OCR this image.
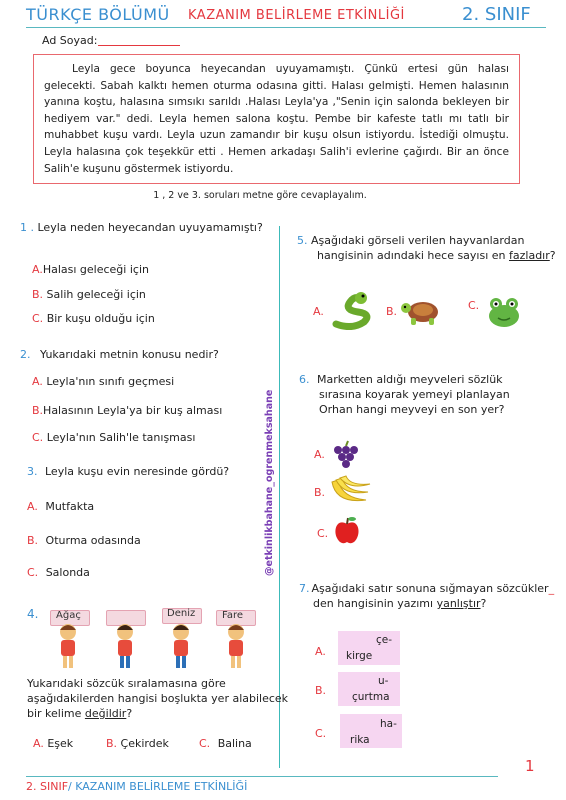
TÜRKÇE BÖLÜMÜ KAZANIM BELİRLEME ETKİNLİĞİ	2. SINIF
Ad Soyad:
Leyla gece boyunca heyecandan uyuyamamıştı. Çünkü ertesi gün halası gelecekti. Sabah kalktı hemen oturma odasına gitti. Halası gelmişti. Hemen halasının yanına koştu, halasına sımsıkı sarıldı .Halası Leyla'ya ,"Senin için salonda bekleyen bir hediyem var." dedi. Leyla hemen salona koştu. Pembe bir kafeste tatlı mı tatlı bir muhabbet kuşu vardı. Leyla uzun zamandır bir kuşu olsun istiyordu. İstediği olmuştu. Leyla halasına çok teşekkür etti . Hemen arkadaşı Salih'i evlerine çağırdı. Bir an önce Salih'e kuşunu göstermek istiyordu.
1 , 2 ve 3. soruları metne göre cevaplayalım.
@etkinlikbahane_ogrenmeksahane
1 . Leyla neden heyecandan uyuyamamıştı?
A.Halası geleceği için
B. Salih geleceği için
C. Bir kuşu olduğu için
2. Yukarıdaki metnin konusu nedir?
A. Leyla'nın sınıfı geçmesi
B.Halasının Leyla'ya bir kuş alması
C. Leyla'nın Salih'le tanışması
3. Leyla kuşu evin neresinde gördü?
A. Mutfakta
B. Oturma odasında
C. Salonda
4. Ağaç	Deniz	Fare
Yukarıdaki sözcük sıralamasına göre
aşağıdakilerden hangisi boşlukta yer alabilecek
bir kelime değildir?
A. Eşek	B. Çekirdek	C. Balina
5. Aşağıdaki görseli verilen hayvanlardan
hangisinin adındaki hece sayısı en fazladır?
A.	B.	C.
6. Marketten aldığı meyveleri sözlük
sırasına koyarak yemeyi planlayan
Orhan hangi meyveyi en son yer?
A.
B.
C.
7. Aşağıdaki satır sonuna sığmayan sözcükler_
den hangisinin yazımı yanlıştır?
A.
çe-
kirge
B.
u-
çurtma
C.
ha-
rika
2. SINIF/ KAZANIM BELİRLEME ETKİNLİĞİ
1
